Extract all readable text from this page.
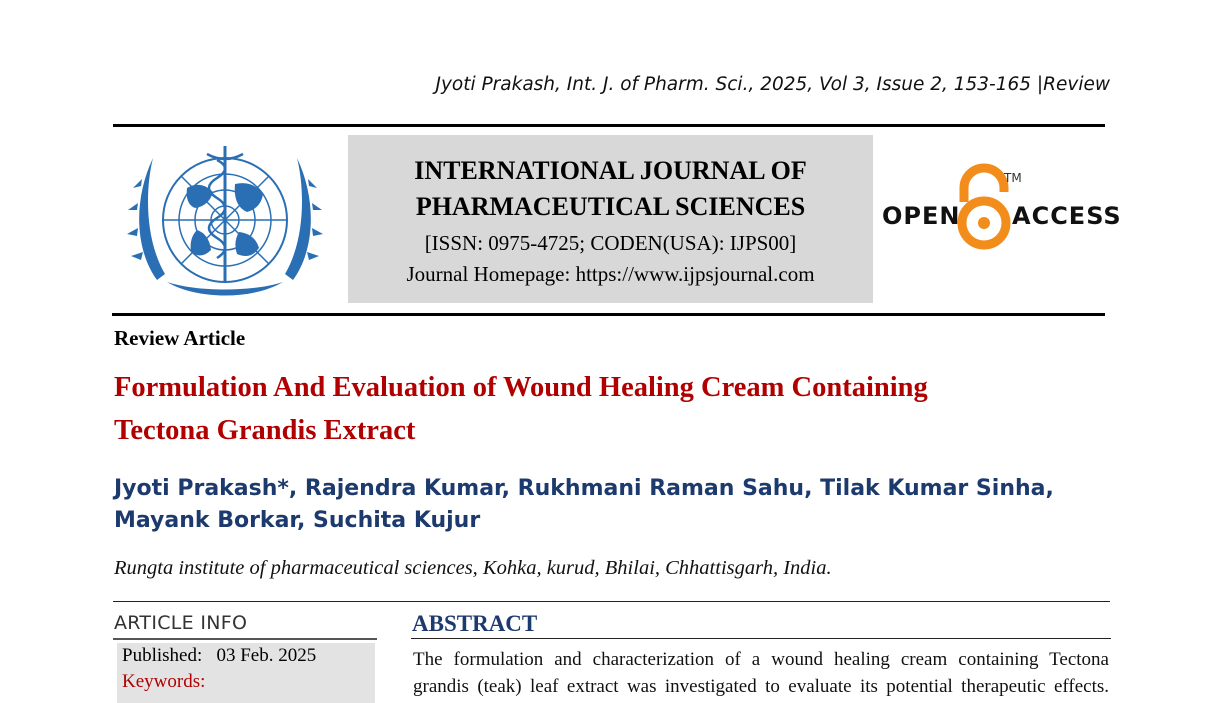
Jyoti Prakash, Int. J. of Pharm. Sci., 2025, Vol 3, Issue 2, 153-165 |Review
INTERNATIONAL JOURNAL OF
PHARMACEUTICAL SCIENCES
[ISSN: 0975-4725; CODEN(USA): IJPS00]
Journal Homepage: https://www.ijpsjournal.com
OPEN ACCESS
TM
Review Article
Formulation And Evaluation of Wound Healing Cream Containing
Tectona Grandis Extract
Jyoti Prakash*, Rajendra Kumar, Rukhmani Raman Sahu, Tilak Kumar Sinha,
Mayank Borkar, Suchita Kujur
Rungta institute of pharmaceutical sciences, Kohka, kurud, Bhilai, Chhattisgarh, India.
ARTICLE INFO
Published: 03 Feb. 2025
Keywords:
ABSTRACT
The formulation and characterization of a wound healing cream containing Tectona
grandis (teak) leaf extract was investigated to evaluate its potential therapeutic effects.
